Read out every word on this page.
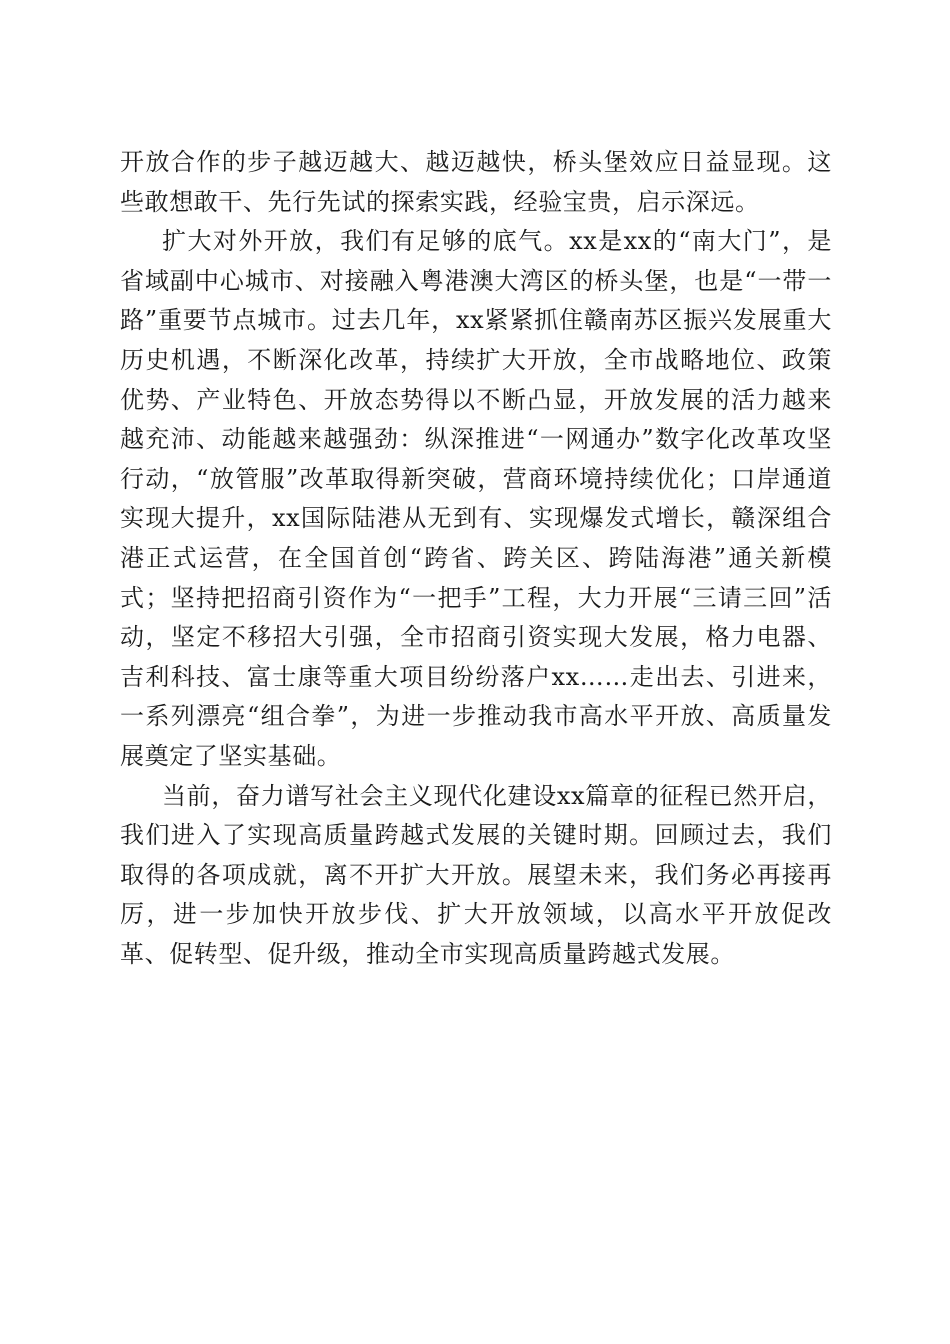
开放合作的步子越迈越大、越迈越快，桥头堡效应日益显现。这些敢想敢干、先行先试的探索实践，经验宝贵，启示深远。

扩大对外开放，我们有足够的底气。xx是xx的“南大门”，是省域副中心城市、对接融入粤港澳大湾区的桥头堡，也是“一带一路”重要节点城市。过去几年，xx紧紧抓住赣南苏区振兴发展重大历史机遇，不断深化改革，持续扩大开放，全市战略地位、政策优势、产业特色、开放态势得以不断凸显，开放发展的活力越来越充沛、动能越来越强劲：纵深推进“一网通办”数字化改革攻坚行动，“放管服”改革取得新突破，营商环境持续优化；口岸通道实现大提升，xx国际陆港从无到有、实现爆发式增长，赣深组合港正式运营，在全国首创“跨省、跨关区、跨陆海港”通关新模式；坚持把招商引资作为“一把手”工程，大力开展“三请三回”活动，坚定不移招大引强，全市招商引资实现大发展，格力电器、吉利科技、富士康等重大项目纷纷落户xx……走出去、引进来，一系列漂亮“组合拳”，为进一步推动我市高水平开放、高质量发展奠定了坚实基础。

当前，奋力谱写社会主义现代化建设xx篇章的征程已然开启，我们进入了实现高质量跨越式发展的关键时期。回顾过去，我们取得的各项成就，离不开扩大开放。展望未来，我们务必再接再厉，进一步加快开放步伐、扩大开放领域，以高水平开放促改革、促转型、促升级，推动全市实现高质量跨越式发展。
